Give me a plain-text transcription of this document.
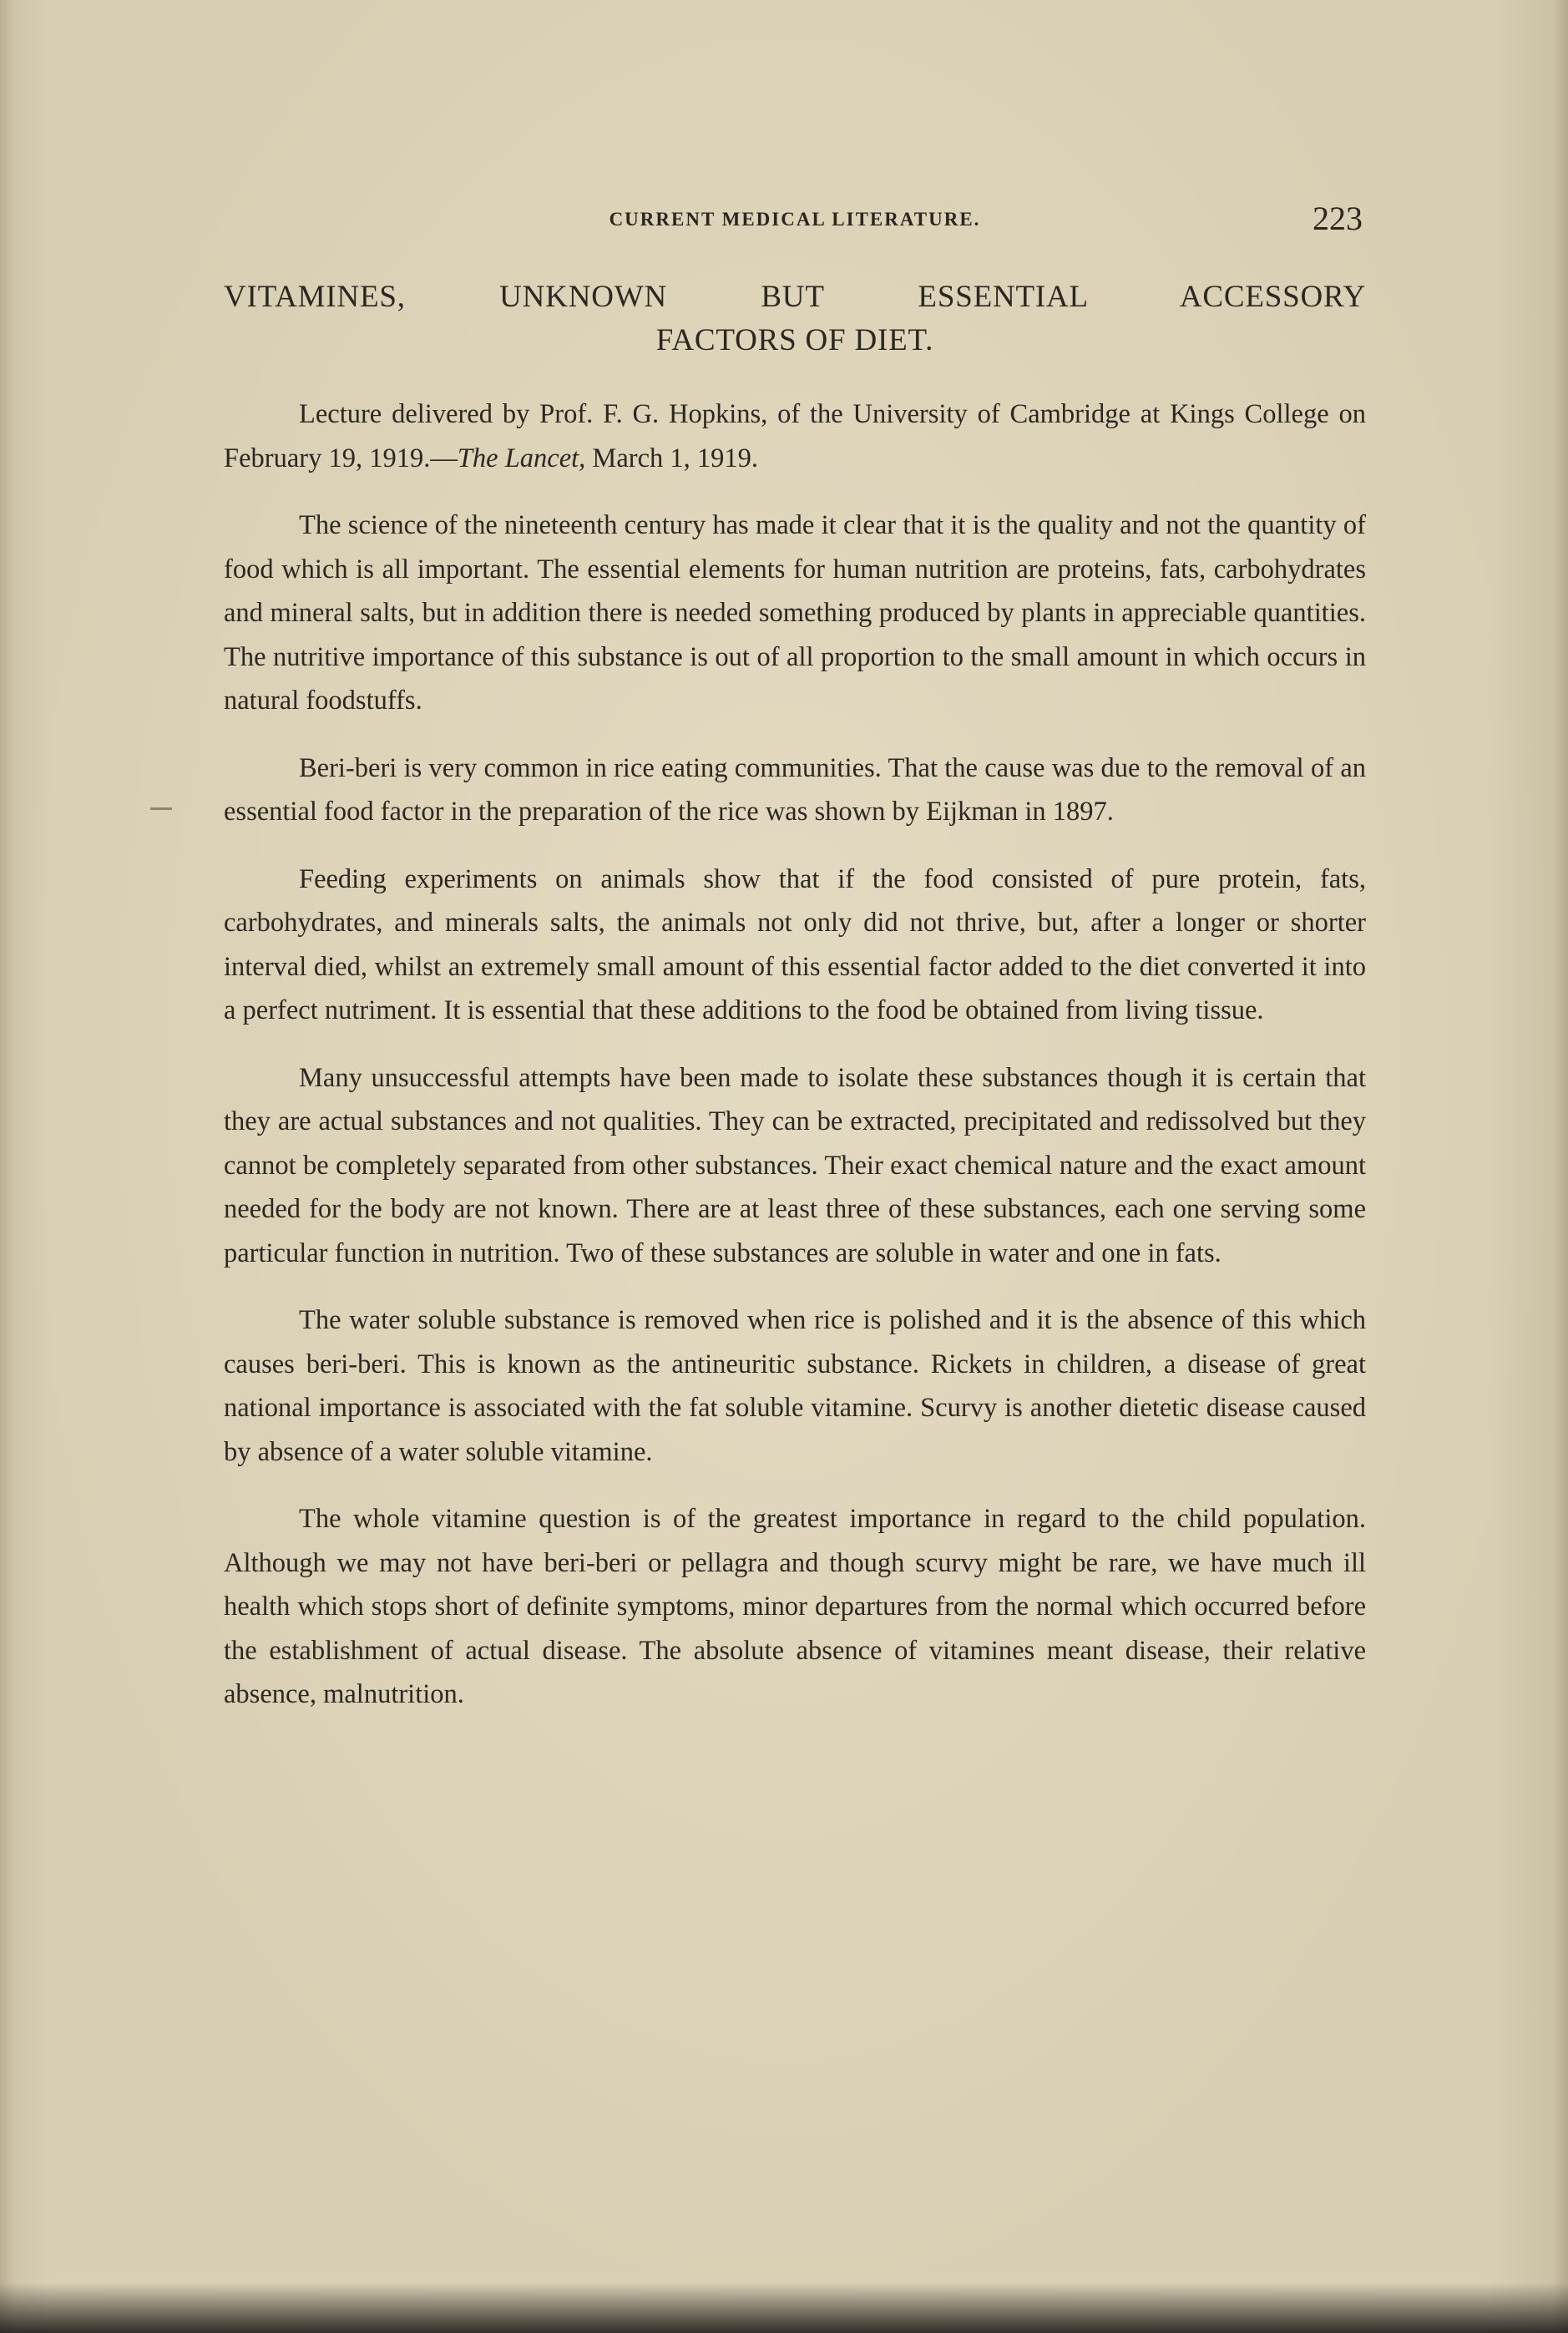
CURRENT MEDICAL LITERATURE.	223
VITAMINES, UNKNOWN BUT ESSENTIAL ACCESSORY
FACTORS OF DIET.

Lecture delivered by Prof. F. G. Hopkins, of the University of Cambridge at Kings College on February 19, 1919.—The Lancet, March 1, 1919.

The science of the nineteenth century has made it clear that it is the quality and not the quantity of food which is all important. The essential elements for human nutrition are proteins, fats, carbohydrates and mineral salts, but in addition there is needed something produced by plants in appreciable quantities. The nutritive importance of this substance is out of all proportion to the small amount in which occurs in natural foodstuffs.

Beri-beri is very common in rice eating communities. That the cause was due to the removal of an essential food factor in the preparation of the rice was shown by Eijkman in 1897.

Feeding experiments on animals show that if the food consisted of pure protein, fats, carbohydrates, and minerals salts, the animals not only did not thrive, but, after a longer or shorter interval died, whilst an extremely small amount of this essential factor added to the diet converted it into a perfect nutriment. It is essential that these additions to the food be obtained from living tissue.

Many unsuccessful attempts have been made to isolate these substances though it is certain that they are actual substances and not qualities. They can be extracted, precipitated and redissolved but they cannot be completely separated from other substances. Their exact chemical nature and the exact amount needed for the body are not known. There are at least three of these substances, each one serving some particular function in nutrition. Two of these substances are soluble in water and one in fats.

The water soluble substance is removed when rice is polished and it is the absence of this which causes beri-beri. This is known as the antineuritic substance. Rickets in children, a disease of great national importance is associated with the fat soluble vitamine. Scurvy is another dietetic disease caused by absence of a water soluble vitamine.

The whole vitamine question is of the greatest importance in regard to the child population. Although we may not have beri-beri or pellagra and though scurvy might be rare, we have much ill health which stops short of definite symptoms, minor departures from the normal which occurred before the establishment of actual disease. The absolute absence of vitamines meant disease, their relative absence, malnutrition.
